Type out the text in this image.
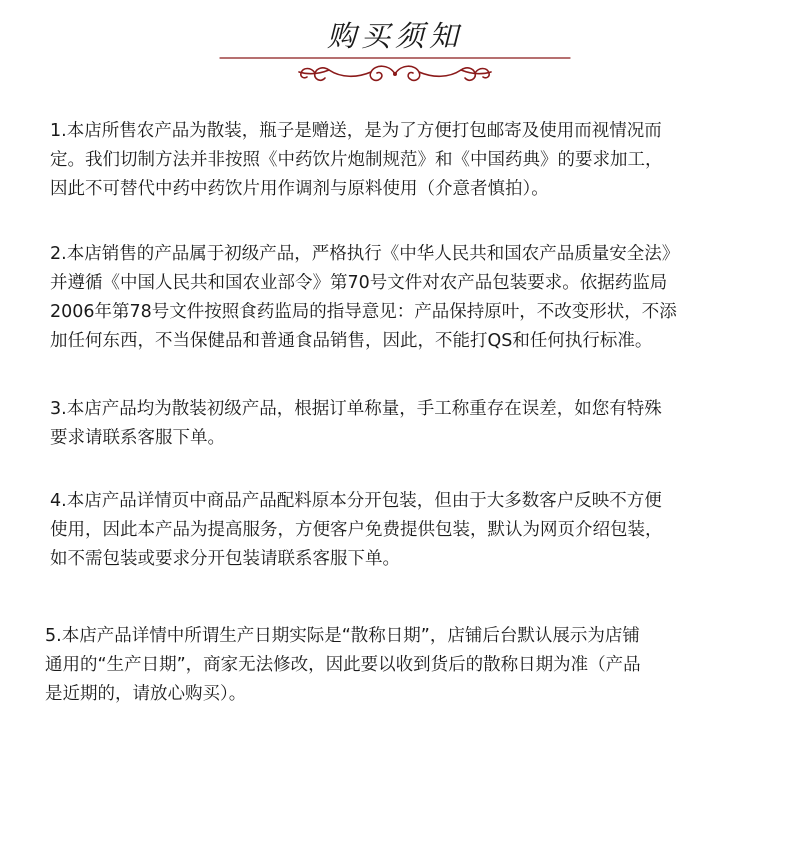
购买须知
1.本店所售农产品为散装，瓶子是赠送，是为了方便打包邮寄及使用而视情况而
定。我们切制方法并非按照《中药饮片炮制规范》和《中国药典》的要求加工，
因此不可替代中药中药饮片用作调剂与原料使用（介意者慎拍）。
2.本店销售的产品属于初级产品，严格执行《中华人民共和国农产品质量安全法》
并遵循《中国人民共和国农业部令》第70号文件对农产品包装要求。依据药监局
2006年第78号文件按照食药监局的指导意见：产品保持原叶，不改变形状，不添
加任何东西，不当保健品和普通食品销售，因此，不能打QS和任何执行标准。
3.本店产品均为散装初级产品，根据订单称量，手工称重存在误差，如您有特殊
要求请联系客服下单。
4.本店产品详情页中商品产品配料原本分开包装，但由于大多数客户反映不方便
使用，因此本产品为提高服务，方便客户免费提供包装，默认为网页介绍包装，
如不需包装或要求分开包装请联系客服下单。
5.本店产品详情中所谓生产日期实际是“散称日期”，店铺后台默认展示为店铺
通用的“生产日期”，商家无法修改，因此要以收到货后的散称日期为准（产品
是近期的，请放心购买）。
